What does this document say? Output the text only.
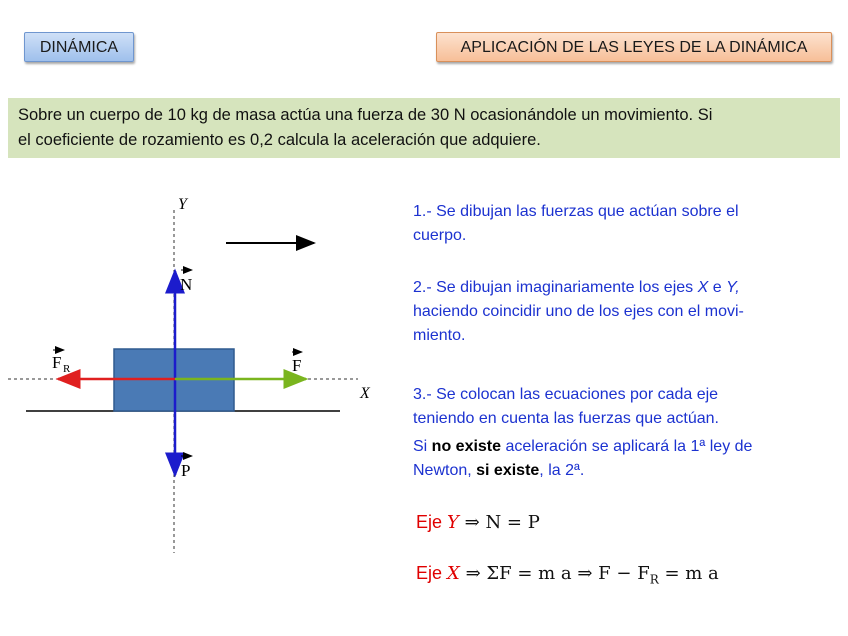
DINÁMICA	APLICACIÓN DE LAS LEYES DE LA DINÁMICA
Sobre un cuerpo de 10 kg de masa actúa una fuerza de 30 N ocasionándole un movimiento. Si
el coeficiente de rozamiento es 0,2 calcula la aceleración que adquiere.
Y
X
N
P
F
F R
1.- Se dibujan las fuerzas que actúan sobre el
cuerpo.
2.- Se dibujan imaginariamente los ejes X e Y,
haciendo coincidir uno de los ejes con el movi-
miento.
3.- Se colocan las ecuaciones por cada eje
teniendo en cuenta las fuerzas que actúan.
Si no existe aceleración se aplicará la 1ª ley de
Newton, si existe, la 2ª.
Eje Y ⇒ N = P
Eje X ⇒ ΣF = m a ⇒ $F - F_R = m$ a
